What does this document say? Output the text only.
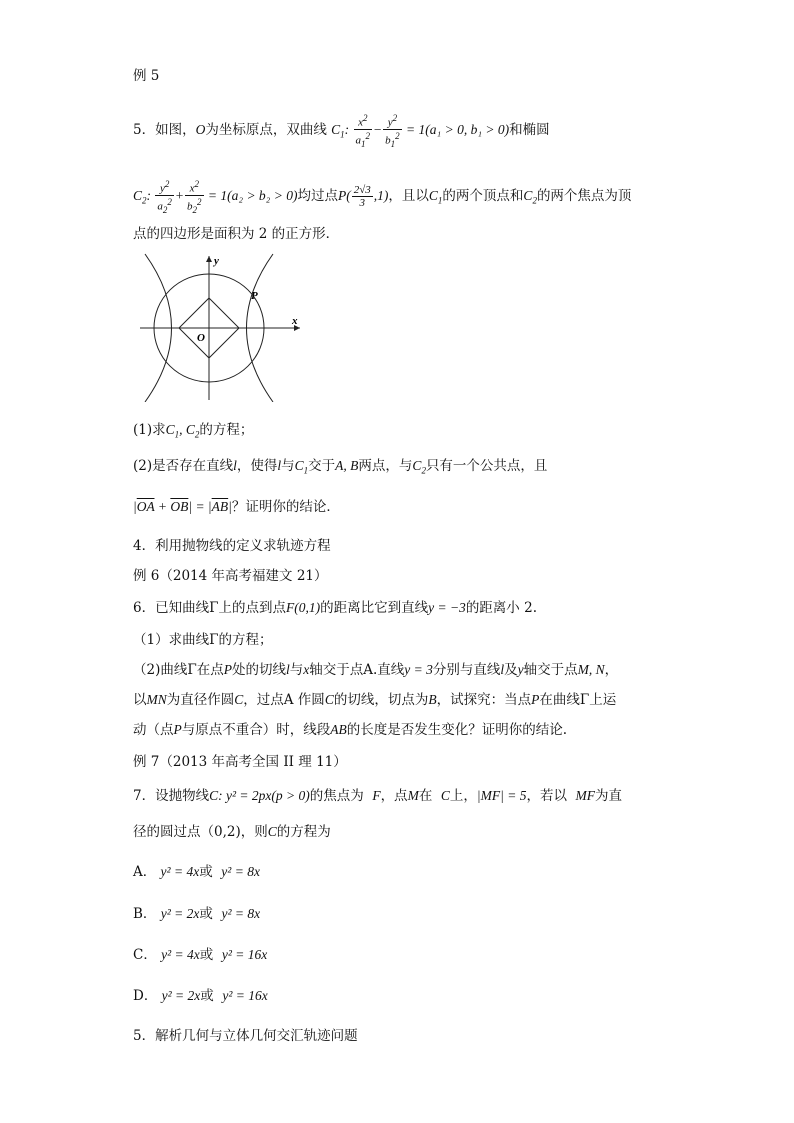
例 5
5．如图，O为坐标原点，双曲线 $C_1$: $\frac{x^2}{a_1^2} - \frac{y^2}{b_1^2} = 1(a_1 > 0$, b₁ > 0)和椭圆
$C_2$: $\frac{y^2}{a_2^2} + \frac{x^2}{b_2^2} = 1(a_2 > b_2 > 0)$均过点$P( \frac{2√3}{3} ,1)$，且以$C_1$的两个顶点和$C_2$的两个焦点为顶
点的四边形是面积为 2 的正方形．
y
x
O
P
(1)求$C_1$, $C_2$的方程；
(2)是否存在直线l，使得l与$C_1$交于A, B两点，与$C_2$只有一个公共点，且
$|\overline{OA} + \overline{OB}| = |\overline{AB}|$？证明你的结论．
4．利用抛物线的定义求轨迹方程
例 6（2014 年高考福建文 21）
6．已知曲线Γ上的点到点F(0,1)的距离比它到直线y = −3的距离小 2.
（1）求曲线Γ的方程；
（2)曲线Γ在点P处的切线l与x轴交于点A.直线y = 3分别与直线l及y轴交于点M, N，
以MN为直径作圆C，过点A 作圆C的切线，切点为B，试探究：当点P在曲线Γ上运
动（点P与原点不重合）时，线段AB的长度是否发生变化？证明你的结论.
例 7（2013 年高考全国 II 理 11）
7．设抛物线C: y² = 2px(p > 0)的焦点为 F，点M在 C上，|MF| = 5，若以 MF为直
径的圆过点（0,2)，则C的方程为
A． y² = 4x或 y² = 8x
B． y² = 2x或 y² = 8x
C． y² = 4x或 y² = 16x
D． y² = 2x或 y² = 16x
5．解析几何与立体几何交汇轨迹问题
